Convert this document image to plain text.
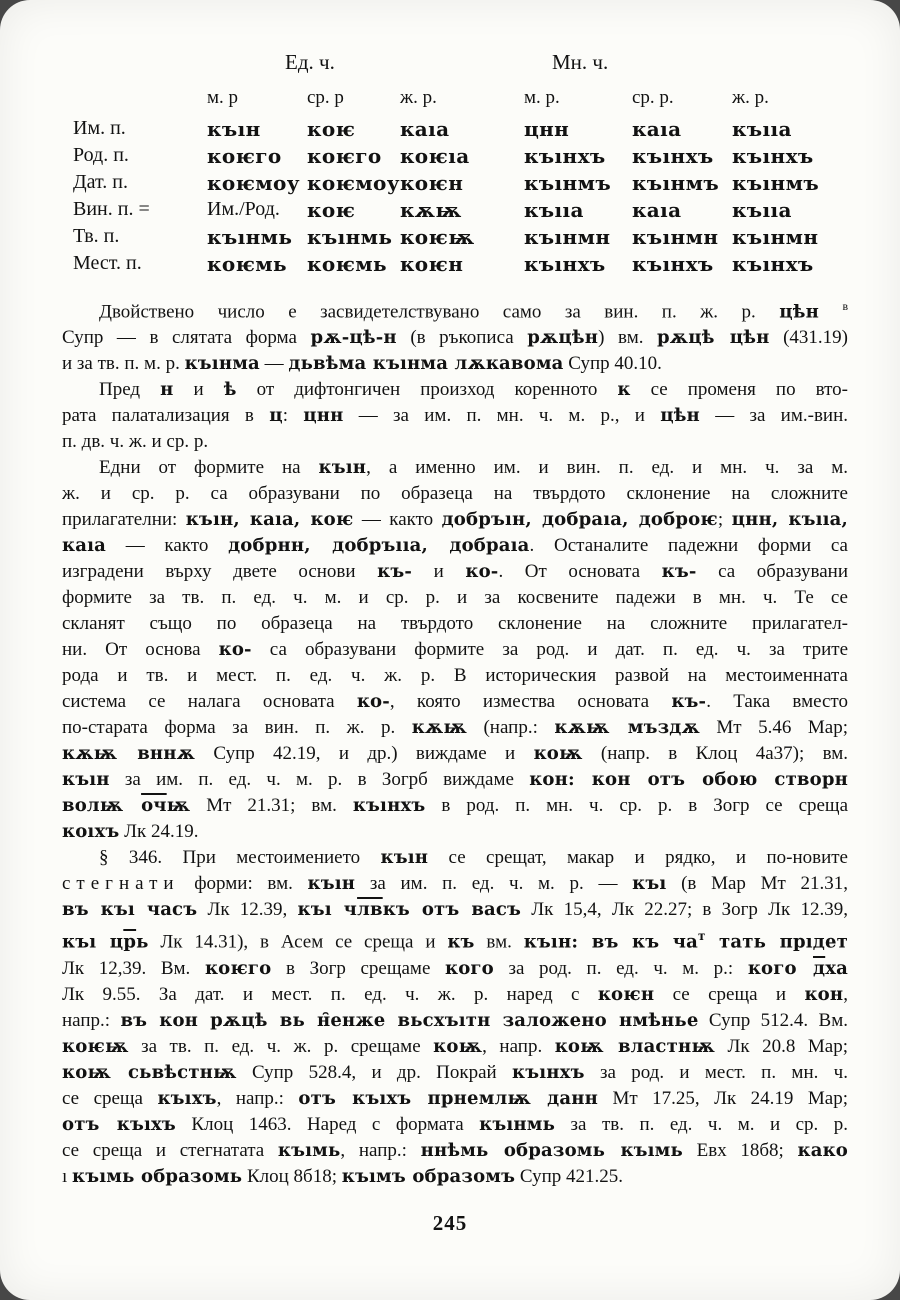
	Ед. ч.			Мн. ч.		
	м. р	ср. р	ж. р.	м. р.	ср. р.	ж. р.
Им. п.	къıн	коѥ	каıа	цнн	каıа	къııа
Род. п.	коѥго	коѥго	коѥıа	къıнхъ	къıнхъ	къıнхъ
Дат. п.	коѥмоу	коѥмоу	коѥн	къıнмъ	къıнмъ	къıнмъ
Вин. п. =	Им./Род.	коѥ	кѫѭ	къııа	каıа	къııа
Тв. п.	къıнмь	къıнмь	коѥѭ	къıнмн	къıнмн	къıнмн
Мест. п.	коѥмь	коѥмь	коѥн	къıнхъ	къıнхъ	къıнхъ
Двойствено число е засвидетелствувано само за вин. п. ж. р. цѣн $^в$
Супр — в слятата форма рѫ-цѣ-н (в ръкописа рѫцѣн) вм. рѫцѣ цѣн (431.19)
и за тв. п. м. р. къıнма — дьвѣма къıнма лѫкавома Супр 40.10.
Пред н и ѣ от дифтонгичен произход коренното к се променя по вто-
рата палатализация в ц: цнн — за им. п. мн. ч. м. р., и цѣн — за им.-вин.
п. дв. ч. ж. и ср. р.
Едни от формите на къıн, а именно им. и вин. п. ед. и мн. ч. за м.
ж. и ср. р. са образувани по образеца на твърдото склонение на сложните
прилагателни: къıн, каıа, коѥ — както добръıн, добраıа, доброѥ; цнн, къııа,
каıа — както добрнн, добръııа, добраıа. Останалите падежни форми са
изградени върху двете основи къ- и ко-. От основата къ- са образувани
формите за тв. п. ед. ч. м. и ср. р. и за косвените падежи в мн. ч. Те се
скланят също по образеца на твърдото склонение на сложните прилагател-
ни. От основа ко- са образувани формите за род. и дат. п. ед. ч. за трите
рода и тв. и мест. п. ед. ч. ж. р. В историческия развой на местоименната
система се налага основата ко-, която измества основата къ-. Така вместо
по-старата форма за вин. п. ж. р. кѫѭ (напр.: кѫѭ мъздѫ Мт 5.46 Мар;
кѫѭ вннѫ Супр 42.19, и др.) виждаме и коѭ (напр. в Клоц 4а37); вм.
къıн за им. п. ед. ч. м. р. в Зогрб виждаме кон: кон отъ обою створн
волѭ очѭ Мт 21.31; вм. къıнхъ в род. п. мн. ч. ср. р. в Зогр се среща
коıхъ Лк 24.19.
§ 346. При местоимението къıн се срещат, макар и рядко, и по-новите
стегнати форми: вм. къıн за им. п. ед. ч. м. р. — къı (в Мар Мт 21.31,
въ къı часъ Лк 12.39, къı члвкъ отъ васъ Лк 15,4, Лк 22.27; в Зогр Лк 12.39,
къı црь Лк 14.31), в Асем се среща и къ вм. къıн: въ къ $ча^т$ тать прıдет
Лк 12,39. Вм. коѥго в Зогр срещаме кого за род. п. ед. ч. м. р.: кого дха
Лк 9.55. За дат. и мест. п. ед. ч. ж. р. наред с коѥн се среща и кон,
напр.: въ кон рѫцѣ вь н̑енже вьсхъıтн заложено нмѣнье Супр 512.4. Вм.
коѥѭ за тв. п. ед. ч. ж. р. срещаме коѭ, напр. коѭ властнѭ Лк 20.8 Мар;
коѭ сьвѣстнѭ Супр 528.4, и др. Покрай къıнхъ за род. и мест. п. мн. ч.
се среща къıхъ, напр.: отъ къıхъ прнемлѭ данн Мт 17.25, Лк 24.19 Мар;
отъ къıхъ Клоц 1463. Наред с формата къıнмь за тв. п. ед. ч. м. и ср. р.
се среща и стегнатата къıмь, напр.: ннѣмь образомь къıмь Евх 18б8; како
ı къıмь образомь Клоц 8б18; къıмъ образомъ Супр 421.25.
245
